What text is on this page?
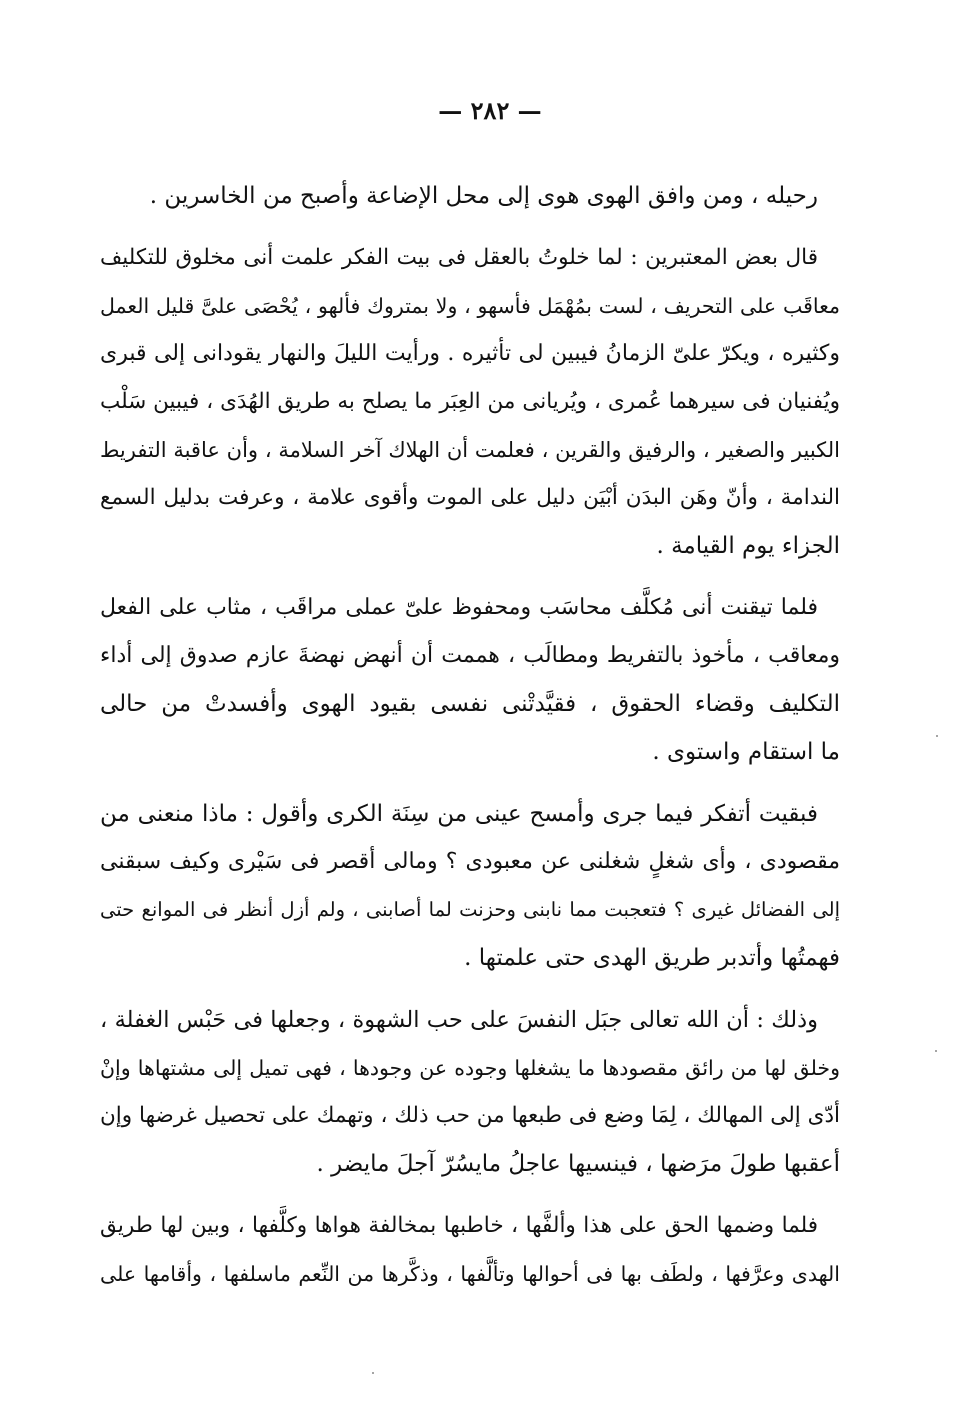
— ٢٨٢ —
رحيله ، ومن وافق الهوى هوى إلى محل الإضاعة وأصبح من الخاسرين .
قال بعض المعتبرين : لما خلوتُ بالعقل فى بيت الفكر علمت أنى مخلوق للتكليف
معاقَب على التحريف ، لست بمُهْمَل فأسهو ، ولا بمتروك فألهو ، يُحْصَى علىَّ قليل العمل
وكثيره ، ويكرّ علىّ الزمانُ فيبين لى تأثيره . ورأيت الليلَ والنهار يقودانى إلى قبرى
ويُفنيان فى سيرهما عُمرى ، ويُريانى من العِبَر ما يصلح به طريق الهُدَى ، فيبين سَلْب
الكبير والصغير ، والرفيق والقرين ، فعلمت أن الهلاك آخر السلامة ، وأن عاقبة التفريط
الندامة ، وأنّ وهَن البدَن أبْيَن دليل على الموت وأقوى علامة ، وعرفت بدليل السمع
الجزاء يوم القيامة .
فلما تيقنت أنى مُكلَّف محاسَب ومحفوظ علىّ عملى مراقَب ، مثاب على الفعل
ومعاقب ، مأخوذ بالتفريط ومطالَب ، هممت أن أنهض نهضةَ عازم صدوق إلى أداء
التكليف وقضاء الحقوق ، فقيَّدتْنى نفسى بقيود الهوى وأفسدتْ من حالى
ما استقام واستوى .
فبقيت أتفكر فيما جرى وأمسح عينى من سِنَة الكرى وأقول : ماذا منعنى من
مقصودى ، وأى شغلٍ شغلنى عن معبودى ؟ ومالى أقصر فى سَيْرى وكيف سبقنى
إلى الفضائل غيرى ؟ فتعجبت مما نابنى وحزنت لما أصابنى ، ولم أزل أنظر فى الموانع حتى
فهمتُها وأتدبر طريق الهدى حتى علمتها .
وذلك : أن الله تعالى جبَل النفسَ على حب الشهوة ، وجعلها فى حَبْس الغفلة ،
وخلق لها من رائق مقصودها ما يشغلها وجوده عن وجودها ، فهى تميل إلى مشتهاها وإنْ
أدّى إلى المهالك ، لِمَا وضع فى طبعها من حب ذلك ، وتهمك على تحصيل غرضها وإن
أعقبها طولَ مرَضها ، فينسيها عاجلُ مايسُرّ آجلَ مايضر .
فلما وضمها الحق على هذا وألفَّها ، خاطبها بمخالفة هواها وكلَّفها ، وبين لها طريق
الهدى وعرَّفها ، ولطَف بها فى أحوالها وتألَّفها ، وذكَّرها من النِّعم ماسلفها ، وأقامها على
